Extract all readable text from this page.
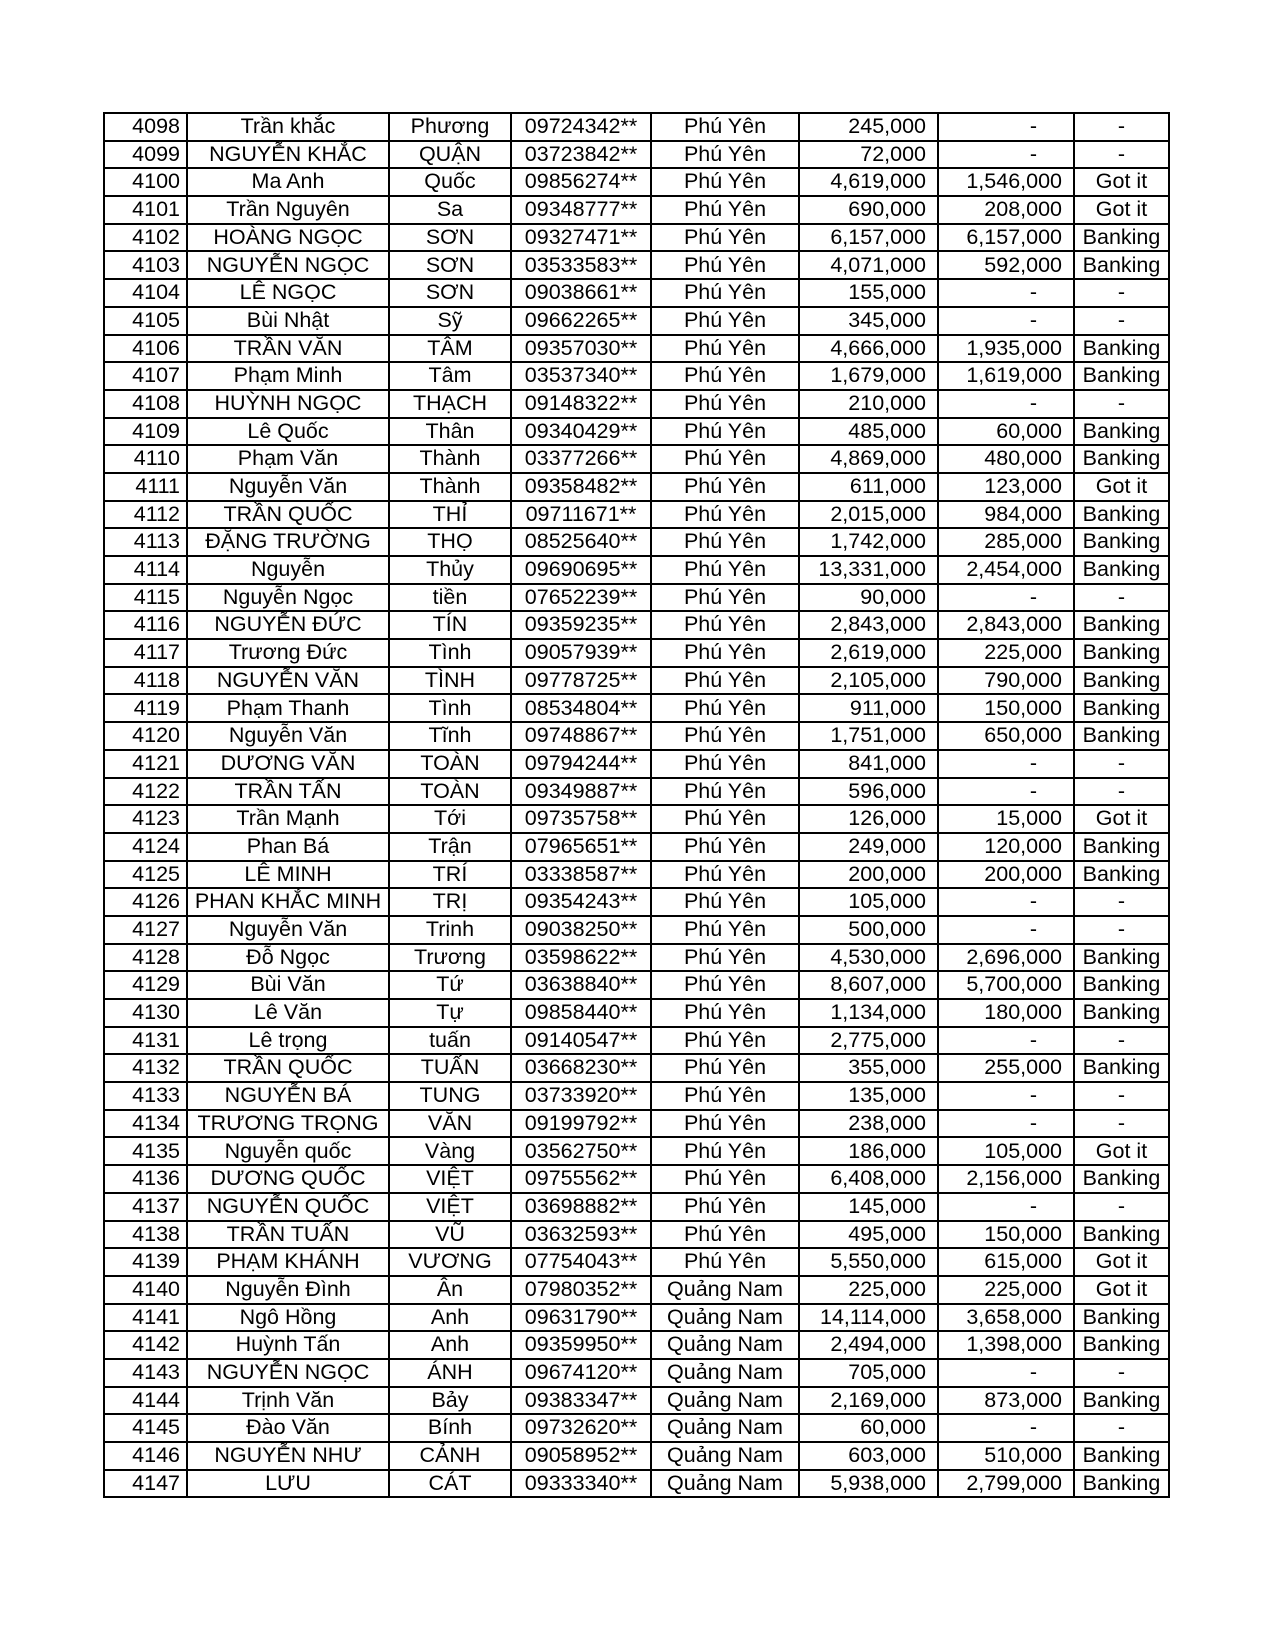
4098	Trần khắc	Phương	09724342**	Phú Yên	245,000	-	-
4099	NGUYỄN KHẮC	QUẬN	03723842**	Phú Yên	72,000	-	-
4100	Ma Anh	Quốc	09856274**	Phú Yên	4,619,000	1,546,000	Got it
4101	Trần Nguyên	Sa	09348777**	Phú Yên	690,000	208,000	Got it
4102	HOÀNG NGỌC	SƠN	09327471**	Phú Yên	6,157,000	6,157,000	Banking
4103	NGUYỄN NGỌC	SƠN	03533583**	Phú Yên	4,071,000	592,000	Banking
4104	LÊ NGỌC	SƠN	09038661**	Phú Yên	155,000	-	-
4105	Bùi Nhật	Sỹ	09662265**	Phú Yên	345,000	-	-
4106	TRẦN VĂN	TÂM	09357030**	Phú Yên	4,666,000	1,935,000	Banking
4107	Phạm Minh	Tâm	03537340**	Phú Yên	1,679,000	1,619,000	Banking
4108	HUỲNH NGỌC	THẠCH	09148322**	Phú Yên	210,000	-	-
4109	Lê Quốc	Thân	09340429**	Phú Yên	485,000	60,000	Banking
4110	Phạm Văn	Thành	03377266**	Phú Yên	4,869,000	480,000	Banking
4111	Nguyễn Văn	Thành	09358482**	Phú Yên	611,000	123,000	Got it
4112	TRẦN QUỐC	THỈ	09711671**	Phú Yên	2,015,000	984,000	Banking
4113	ĐẶNG TRƯỜNG	THỌ	08525640**	Phú Yên	1,742,000	285,000	Banking
4114	Nguyễn	Thủy	09690695**	Phú Yên	13,331,000	2,454,000	Banking
4115	Nguyễn Ngọc	tiền	07652239**	Phú Yên	90,000	-	-
4116	NGUYỄN ĐỨC	TÍN	09359235**	Phú Yên	2,843,000	2,843,000	Banking
4117	Trương Đức	Tình	09057939**	Phú Yên	2,619,000	225,000	Banking
4118	NGUYỄN VĂN	TÌNH	09778725**	Phú Yên	2,105,000	790,000	Banking
4119	Phạm Thanh	Tình	08534804**	Phú Yên	911,000	150,000	Banking
4120	Nguyễn Văn	Tĩnh	09748867**	Phú Yên	1,751,000	650,000	Banking
4121	DƯƠNG VĂN	TOÀN	09794244**	Phú Yên	841,000	-	-
4122	TRẦN TẤN	TOÀN	09349887**	Phú Yên	596,000	-	-
4123	Trần Mạnh	Tới	09735758**	Phú Yên	126,000	15,000	Got it
4124	Phan Bá	Trận	07965651**	Phú Yên	249,000	120,000	Banking
4125	LÊ MINH	TRÍ	03338587**	Phú Yên	200,000	200,000	Banking
4126	PHAN KHẮC MINH	TRỊ	09354243**	Phú Yên	105,000	-	-
4127	Nguyễn Văn	Trinh	09038250**	Phú Yên	500,000	-	-
4128	Đỗ Ngọc	Trương	03598622**	Phú Yên	4,530,000	2,696,000	Banking
4129	Bùi Văn	Tứ	03638840**	Phú Yên	8,607,000	5,700,000	Banking
4130	Lê Văn	Tự	09858440**	Phú Yên	1,134,000	180,000	Banking
4131	Lê trọng	tuấn	09140547**	Phú Yên	2,775,000	-	-
4132	TRẦN QUỐC	TUẤN	03668230**	Phú Yên	355,000	255,000	Banking
4133	NGUYỄN BÁ	TUNG	03733920**	Phú Yên	135,000	-	-
4134	TRƯƠNG TRỌNG	VĂN	09199792**	Phú Yên	238,000	-	-
4135	Nguyễn quốc	Vàng	03562750**	Phú Yên	186,000	105,000	Got it
4136	DƯƠNG QUỐC	VIỆT	09755562**	Phú Yên	6,408,000	2,156,000	Banking
4137	NGUYỄN QUỐC	VIỆT	03698882**	Phú Yên	145,000	-	-
4138	TRẦN TUẤN	VŨ	03632593**	Phú Yên	495,000	150,000	Banking
4139	PHẠM KHÁNH	VƯƠNG	07754043**	Phú Yên	5,550,000	615,000	Got it
4140	Nguyễn Đình	Ân	07980352**	Quảng Nam	225,000	225,000	Got it
4141	Ngô Hồng	Anh	09631790**	Quảng Nam	14,114,000	3,658,000	Banking
4142	Huỳnh Tấn	Anh	09359950**	Quảng Nam	2,494,000	1,398,000	Banking
4143	NGUYỄN NGỌC	ÁNH	09674120**	Quảng Nam	705,000	-	-
4144	Trịnh Văn	Bảy	09383347**	Quảng Nam	2,169,000	873,000	Banking
4145	Đào Văn	Bính	09732620**	Quảng Nam	60,000	-	-
4146	NGUYỄN NHƯ	CẢNH	09058952**	Quảng Nam	603,000	510,000	Banking
4147	LƯU	CÁT	09333340**	Quảng Nam	5,938,000	2,799,000	Banking
